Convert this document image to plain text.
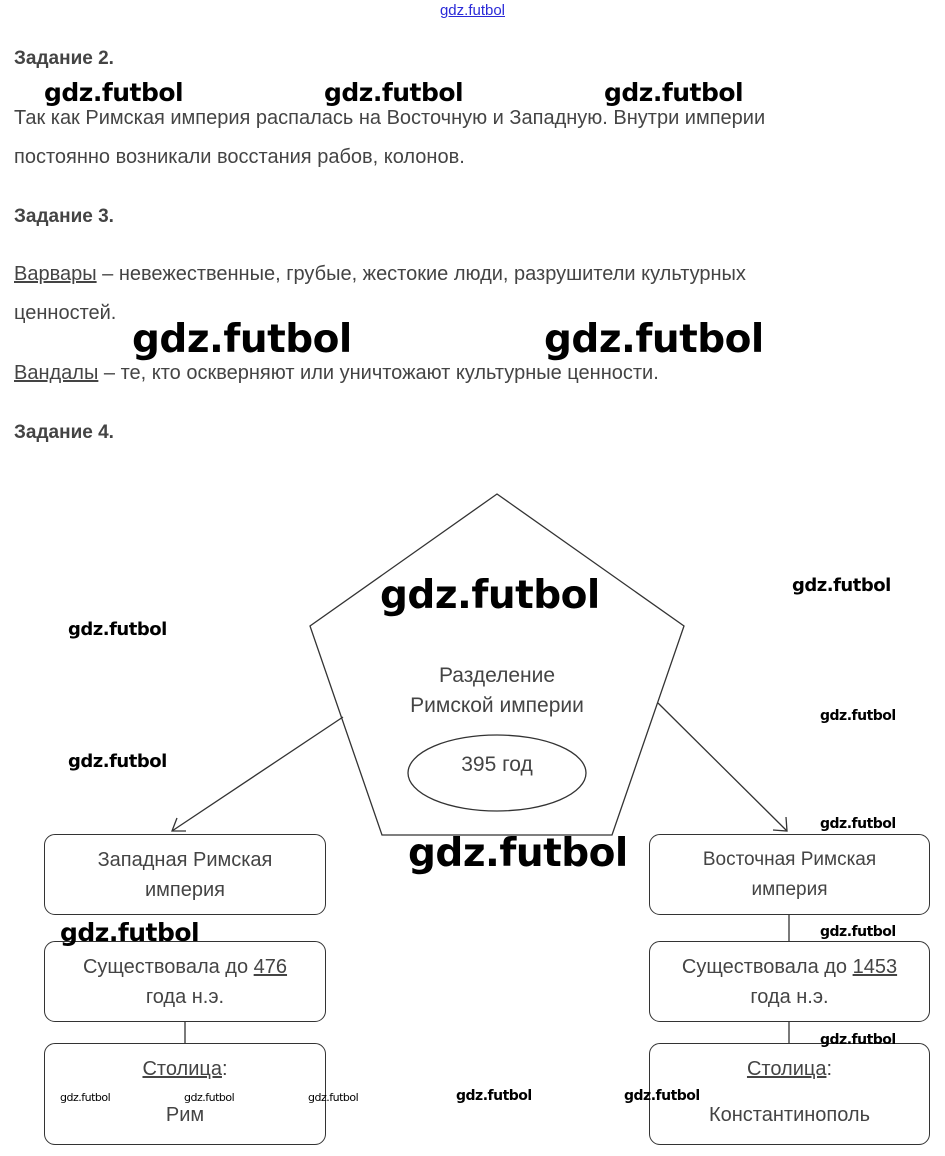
gdz.futbol
Задание 2.
Так как Римская империя распалась на Восточную и Западную. Внутри империи
постоянно возникали восстания рабов, колонов.
Задание 3.
Варвары – невежественные, грубые, жестокие люди, разрушители культурных
ценностей.
Вандалы – те, кто оскверняют или уничтожают культурные ценности.
Задание 4.
Разделение
Римской империи
395 год
Западная Римская
империя
Существовала до 476
года н.э.
Столица:
Рим
Восточная Римская
империя
Существовала до 1453
года н.э.
Столица:
Константинополь
gdz.futbol	gdz.futbol	gdz.futbol
gdz.futbol	gdz.futbol
gdz.futbol	gdz.futbol
gdz.futbol
gdz.futbol
gdz.futbol
gdz.futbol
gdz.futbol
gdz.futbol	gdz.futbol
gdz.futbol
gdz.futbol	gdz.futbol	gdz.futbol	gdz.futbol	gdz.futbol
